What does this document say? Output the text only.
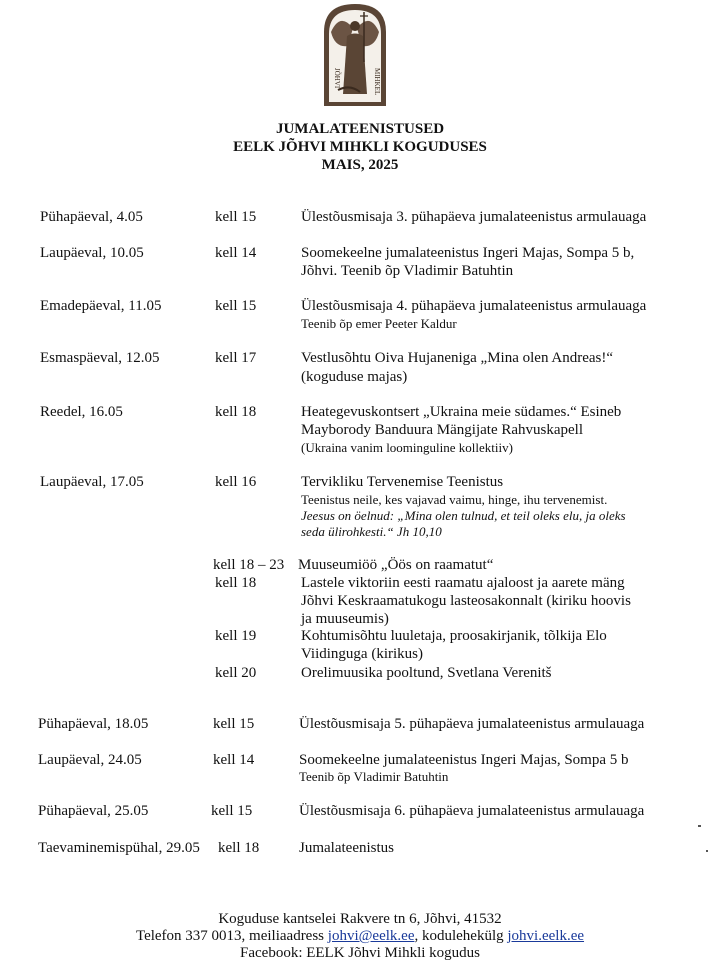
JÕHVI	MIHKEL
JUMALATEENISTUSED
EELK JÕHVI MIHKLI KOGUDUSES
MAIS, 2025
Pühapäeval, 4.05	kell 15	Ülestõusmisaja 3. pühapäeva jumalateenistus armulauaga
Laupäeval, 10.05	kell 14	Soomekeelne jumalateenistus Ingeri Majas, Sompa 5 b,
Jõhvi. Teenib õp Vladimir Batuhtin
Emadepäeval, 11.05	kell 15	Ülestõusmisaja 4. pühapäeva jumalateenistus armulauaga
Teenib õp emer Peeter Kaldur
Esmaspäeval, 12.05	kell 17	Vestlusõhtu Oiva Hujaneniga „Mina olen Andreas!“
(koguduse majas)
Reedel, 16.05	kell 18	Heategevuskontsert „Ukraina meie südames.“ Esineb
Mayborody Banduura Mängijate Rahvuskapell
(Ukraina vanim loominguline kollektiiv)
Laupäeval, 17.05	kell 16	Tervikliku Tervenemise Teenistus
Teenistus neile, kes vajavad vaimu, hinge, ihu tervenemist.
Jeesus on öelnud: „Mina olen tulnud, et teil oleks elu, ja oleks
seda ülirohkesti.“ Jh 10,10
kell 18 – 23 Muuseumiöö „Öös on raamatut“
kell 18	Lastele viktoriin eesti raamatu ajaloost ja aarete mäng
Jõhvi Keskraamatukogu lasteosakonnalt (kiriku hoovis
ja muuseumis)
kell 19	Kohtumisõhtu luuletaja, proosakirjanik, tõlkija Elo
Viidinguga (kirikus)
kell 20	Orelimuusika pooltund, Svetlana Verenitš
Pühapäeval, 18.05	kell 15	Ülestõusmisaja 5. pühapäeva jumalateenistus armulauaga
Laupäeval, 24.05	kell 14	Soomekeelne jumalateenistus Ingeri Majas, Sompa 5 b
Teenib õp Vladimir Batuhtin
Pühapäeval, 25.05	kell 15	Ülestõusmisaja 6. pühapäeva jumalateenistus armulauaga
Taevaminemispühal, 29.05 kell 18	Jumalateenistus
Koguduse kantselei Rakvere tn 6, Jõhvi, 41532
Telefon 337 0013, meiliaadress johvi@eelk.ee, kodulehekülg johvi.eelk.ee
Facebook: EELK Jõhvi Mihkli kogudus
